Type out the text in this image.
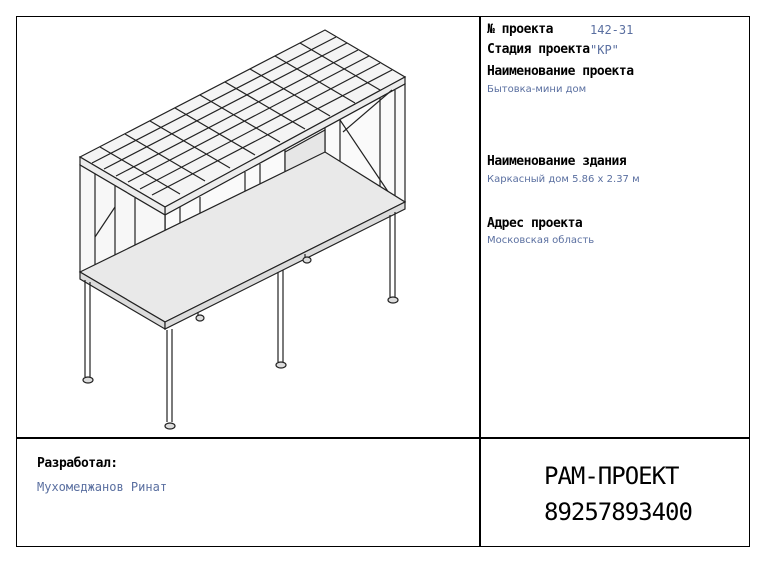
№ проекта	142-31
Стадия проекта "КР"
Наименование проекта
Бытовка-мини дом
Наименование здания
Каркасный дом 5.86 x 2.37 м
Адрес проекта
Московская область
Разработал:
Мухомеджанов Ринат	РАМ-ПРОЕКТ
89257893400
